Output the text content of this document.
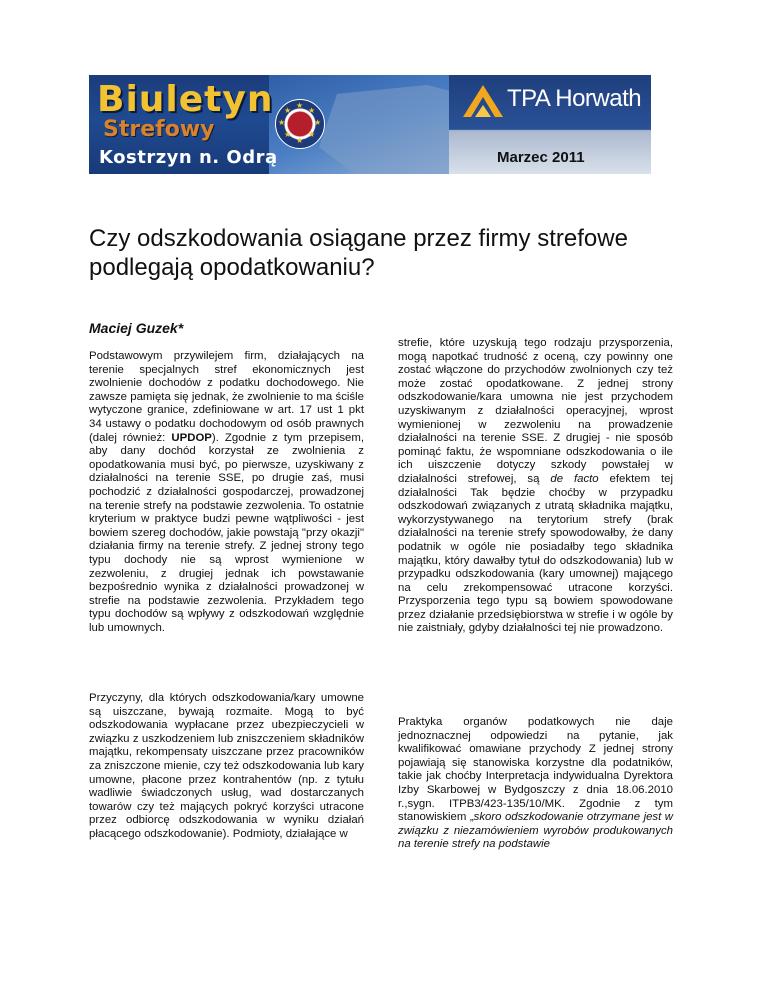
Biuletyn
Strefowy
Kostrzyn n. Odrą
★
★
★
★
★
★
★
★	TPA Horwath
Marzec 2011
Czy odszkodowania osiągane przez firmy strefowe podlegają opodatkowaniu?
Maciej Guzek*

Podstawowym przywilejem firm, działających na terenie specjalnych stref ekonomicznych jest zwolnienie dochodów z podatku dochodowego. Nie zawsze pamięta się jednak, że zwolnienie to ma ściśle wytyczone granice, zdefiniowane w art. 17 ust 1 pkt 34 ustawy o podatku dochodowym od osób prawnych (dalej również: UPDOP). Zgodnie z tym przepisem, aby dany dochód korzystał ze zwolnienia z opodatkowania musi być, po pierwsze, uzyskiwany z działalności na terenie SSE, po drugie zaś, musi pochodzić z działalności gospodarczej, prowadzonej na terenie strefy na podstawie zezwolenia. To ostatnie kryterium w praktyce budzi pewne wątpliwości - jest bowiem szereg dochodów, jakie powstają "przy okazji" działania firmy na terenie strefy. Z jednej strony tego typu dochody nie są wprost wymienione w zezwoleniu, z drugiej jednak ich powstawanie bezpośrednio wynika z działalności prowadzonej w strefie na podstawie zezwolenia. Przykładem tego typu dochodów są wpływy z odszkodowań względnie lub umownych.

Przyczyny, dla których odszkodowania/kary umowne są uiszczane, bywają rozmaite. Mogą to być odszkodowania wypłacane przez ubezpieczycieli w związku z uszkodzeniem lub zniszczeniem składników majątku, rekompensaty uiszczane przez pracowników za zniszczone mienie, czy też odszkodowania lub kary umowne, płacone przez kontrahentów (np. z tytułu wadliwie świadczonych usług, wad dostarczanych towarów czy też mających pokryć korzyści utracone przez odbiorcę odszkodowania w wyniku działań płacącego odszkodowanie). Podmioty, działające w

strefie, które uzyskują tego rodzaju przysporzenia, mogą napotkać trudność z oceną, czy powinny one zostać włączone do przychodów zwolnionych czy też może zostać opodatkowane. Z jednej strony odszkodowanie/kara umowna nie jest przychodem uzyskiwanym z działalności operacyjnej, wprost wymienionej w zezwoleniu na prowadzenie działalności na terenie SSE. Z drugiej - nie sposób pominąć faktu, że wspomniane odszkodowania o ile ich uiszczenie dotyczy szkody powstałej w działalności strefowej, są de facto efektem tej działalności Tak będzie choćby w przypadku odszkodowań związanych z utratą składnika majątku, wykorzystywanego na terytorium strefy (brak działalności na terenie strefy spowodowałby, że dany podatnik w ogóle nie posiadałby tego składnika majątku, który dawałby tytuł do odszkodowania) lub w przypadku odszkodowania (kary umownej) mającego na celu zrekompensować utracone korzyści. Przysporzenia tego typu są bowiem spowodowane przez działanie przedsiębiorstwa w strefie i w ogóle by nie zaistniały, gdyby działalności tej nie prowadzono.

Praktyka organów podatkowych nie daje jednoznacznej odpowiedzi na pytanie, jak kwalifikować omawiane przychody Z jednej strony pojawiają się stanowiska korzystne dla podatników, takie jak choćby Interpretacja indywidualna Dyrektora Izby Skarbowej w Bydgoszczy z dnia 18.06.2010 r.,sygn. ITPB3/423-135/10/MK. Zgodnie z tym stanowiskiem „skoro odszkodowanie otrzymane jest w związku z niezamówieniem wyrobów produkowanych na terenie strefy na podstawie
